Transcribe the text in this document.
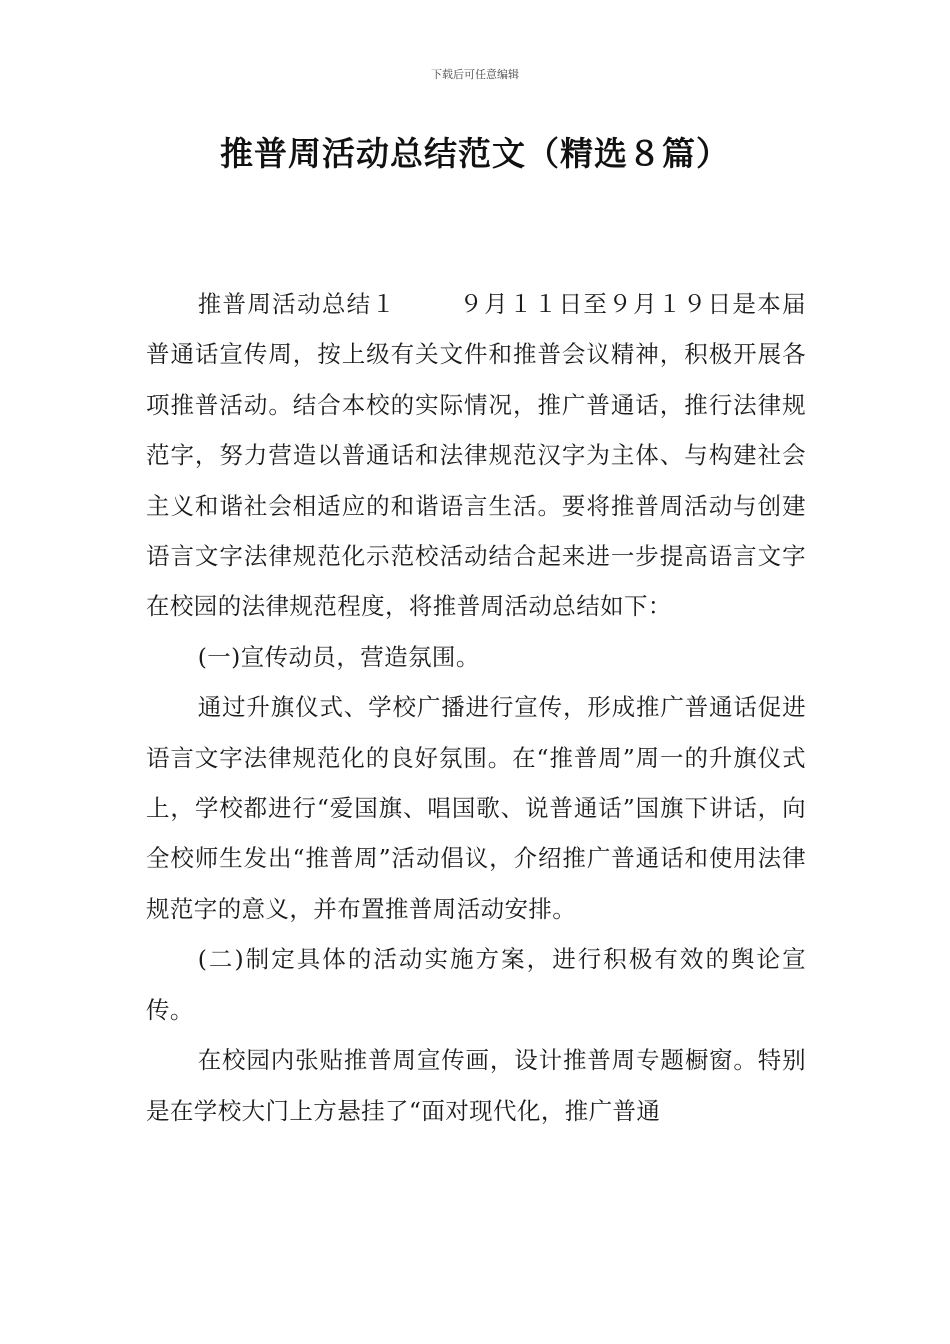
下载后可任意编辑
推普周活动总结范文（精选８篇）

推普周活动总结１	９月１１日至９月１９日是本届普通话宣传周，按上级有关文件和推普会议精神，积极开展各项推普活动。结合本校的实际情况，推广普通话，推行法律规范字，努力营造以普通话和法律规范汉字为主体、与构建社会主义和谐社会相适应的和谐语言生活。要将推普周活动与创建语言文字法律规范化示范校活动结合起来进一步提高语言文字在校园的法律规范程度，将推普周活动总结如下：

(一)宣传动员，营造氛围。

通过升旗仪式、学校广播进行宣传，形成推广普通话促进语言文字法律规范化的良好氛围。在“推普周”周一的升旗仪式上，学校都进行“爱国旗、唱国歌、说普通话”国旗下讲话，向全校师生发出“推普周”活动倡议，介绍推广普通话和使用法律规范字的意义，并布置推普周活动安排。

(二)制定具体的活动实施方案，进行积极有效的舆论宣传。

在校园内张贴推普周宣传画，设计推普周专题橱窗。特别是在学校大门上方悬挂了“面对现代化，推广普通
